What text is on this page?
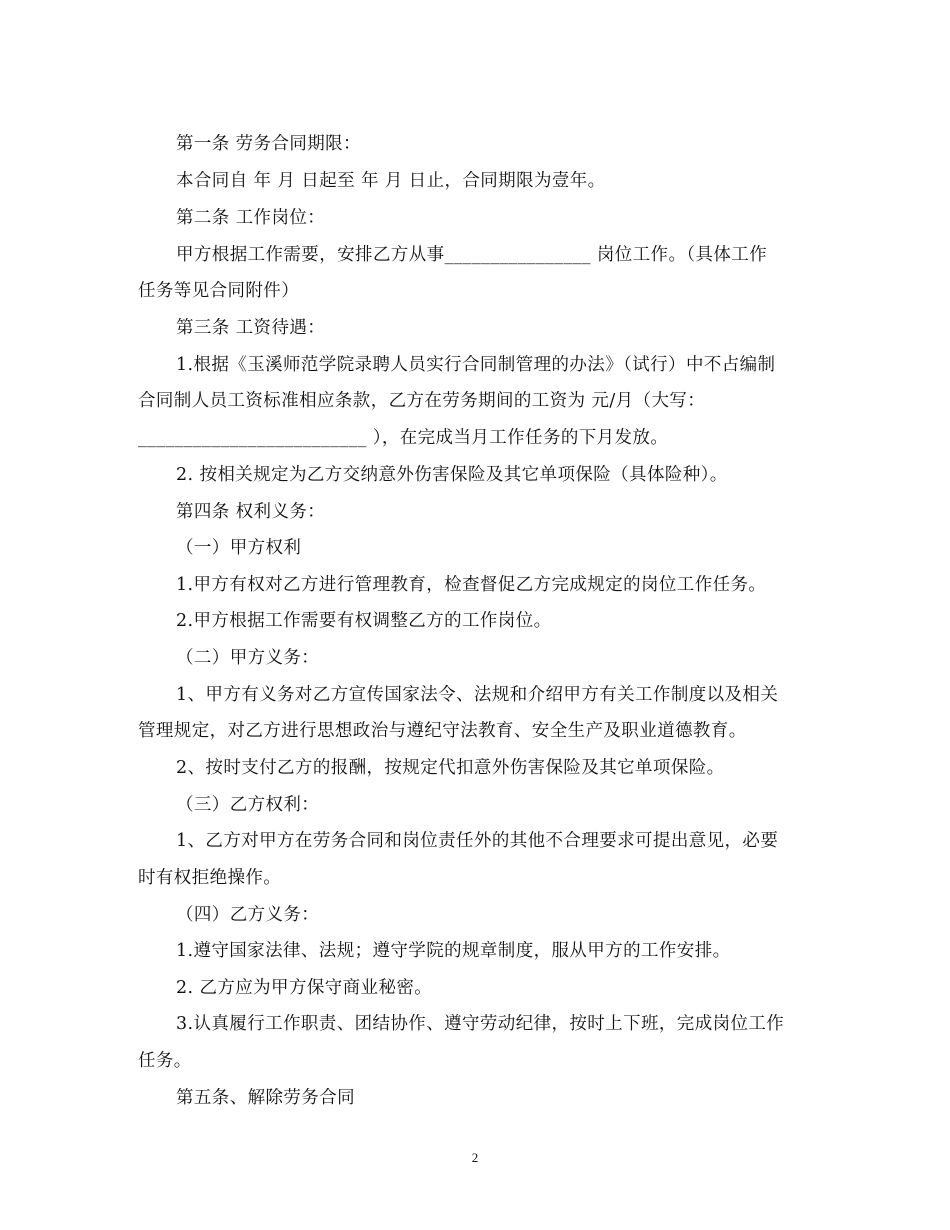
第一条 劳务合同期限：
本合同自 年 月 日起至 年 月 日止，合同期限为壹年。
第二条 工作岗位：
甲方根据工作需要，安排乙方从事________________ 岗位工作。（具体工作
任务等见合同附件）
第三条 工资待遇：
1.根据《玉溪师范学院录聘人员实行合同制管理的办法》（试行）中不占编制
合同制人员工资标准相应条款，乙方在劳务期间的工资为 元/月（大写：
_________________________ ），在完成当月工作任务的下月发放。
2. 按相关规定为乙方交纳意外伤害保险及其它单项保险（具体险种）。
第四条 权利义务：
（一）甲方权利
1.甲方有权对乙方进行管理教育，检查督促乙方完成规定的岗位工作任务。
2.甲方根据工作需要有权调整乙方的工作岗位。
（二）甲方义务：
1、甲方有义务对乙方宣传国家法令、法规和介绍甲方有关工作制度以及相关
管理规定，对乙方进行思想政治与遵纪守法教育、安全生产及职业道德教育。
2、按时支付乙方的报酬，按规定代扣意外伤害保险及其它单项保险。
（三）乙方权利：
1、乙方对甲方在劳务合同和岗位责任外的其他不合理要求可提出意见，必要
时有权拒绝操作。
（四）乙方义务：
1.遵守国家法律、法规；遵守学院的规章制度，服从甲方的工作安排。
2. 乙方应为甲方保守商业秘密。
3.认真履行工作职责、团结协作、遵守劳动纪律，按时上下班，完成岗位工作
任务。
第五条、解除劳务合同
2
